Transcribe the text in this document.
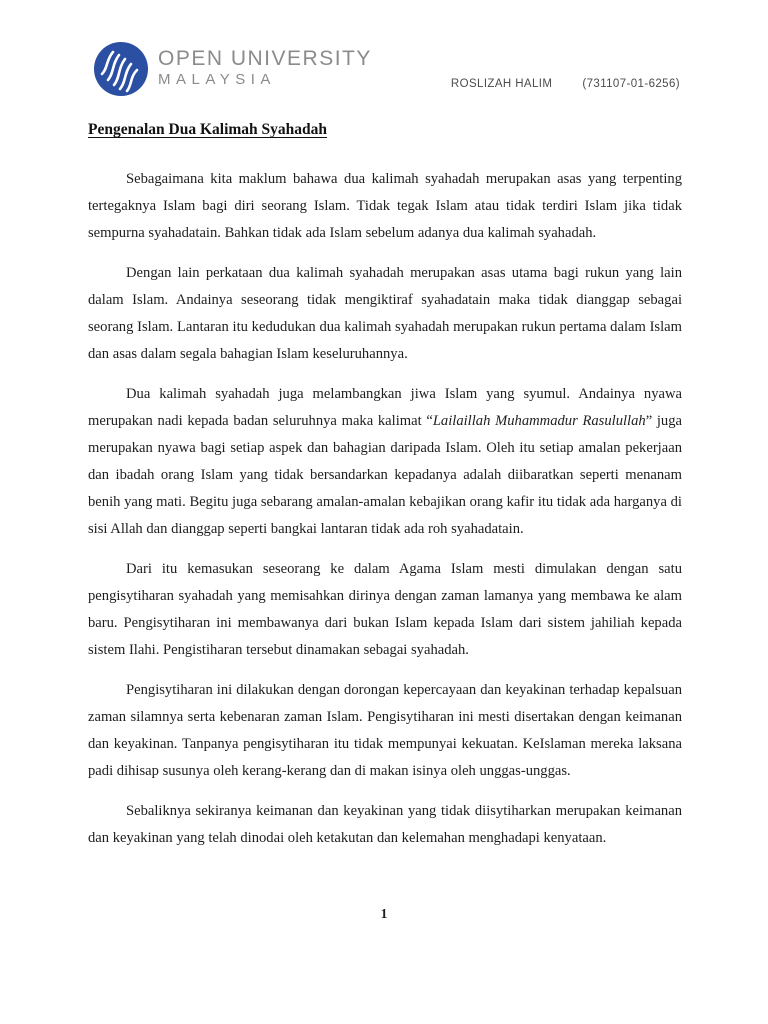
OPEN UNIVERSITY
MALAYSIA	ROSLIZAH HALIM	(731107-01-6256)
Pengenalan Dua Kalimah Syahadah

Sebagaimana kita maklum bahawa dua kalimah syahadah merupakan asas yang terpenting tertegaknya Islam bagi diri seorang Islam. Tidak tegak Islam atau tidak terdiri Islam jika tidak sempurna syahadatain. Bahkan tidak ada Islam sebelum adanya dua kalimah syahadah.

Dengan lain perkataan dua kalimah syahadah merupakan asas utama bagi rukun yang lain dalam Islam. Andainya seseorang tidak mengiktiraf syahadatain maka tidak dianggap sebagai seorang Islam. Lantaran itu kedudukan dua kalimah syahadah merupakan rukun pertama dalam Islam dan asas dalam segala bahagian Islam keseluruhannya.

Dua kalimah syahadah juga melambangkan jiwa Islam yang syumul. Andainya nyawa merupakan nadi kepada badan seluruhnya maka kalimat “Lailaillah Muhammadur Rasulullah” juga merupakan nyawa bagi setiap aspek dan bahagian daripada Islam. Oleh itu setiap amalan pekerjaan dan ibadah orang Islam yang tidak bersandarkan kepadanya adalah diibaratkan seperti menanam benih yang mati. Begitu juga sebarang amalan-amalan kebajikan orang kafir itu tidak ada harganya di sisi Allah dan dianggap seperti bangkai lantaran tidak ada roh syahadatain.

Dari itu kemasukan seseorang ke dalam Agama Islam mesti dimulakan dengan satu pengisytiharan syahadah yang memisahkan dirinya dengan zaman lamanya yang membawa ke alam baru. Pengisytiharan ini membawanya dari bukan Islam kepada Islam dari sistem jahiliah kepada sistem Ilahi. Pengistiharan tersebut dinamakan sebagai syahadah.

Pengisytiharan ini dilakukan dengan dorongan kepercayaan dan keyakinan terhadap kepalsuan zaman silamnya serta kebenaran zaman Islam. Pengisytiharan ini mesti disertakan dengan keimanan dan keyakinan. Tanpanya pengisytiharan itu tidak mempunyai kekuatan. KeIslaman mereka laksana padi dihisap susunya oleh kerang-kerang dan di makan isinya oleh unggas-unggas.

Sebaliknya sekiranya keimanan dan keyakinan yang tidak diisytiharkan merupakan keimanan dan keyakinan yang telah dinodai oleh ketakutan dan kelemahan menghadapi kenyataan.

1
